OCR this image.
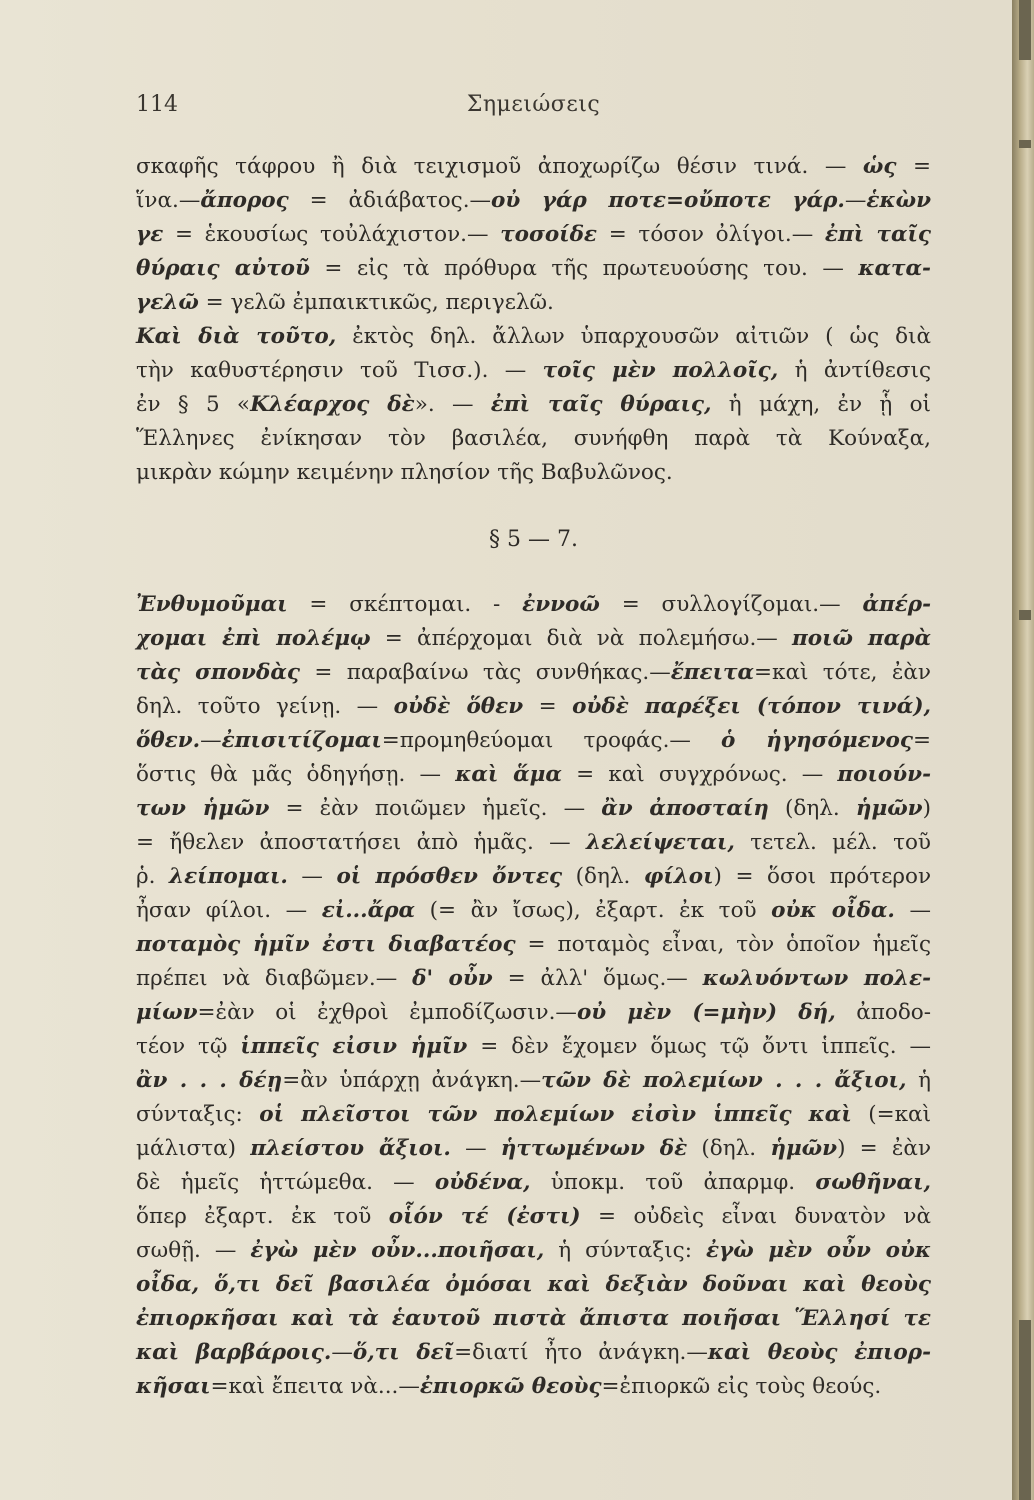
114	Σημειώσεις
σκαφῆς τάφρου ἢ διὰ τειχισμοῦ ἀποχωρίζω θέσιν τινά. — ὡς =
ἵνα.—ἄπορος = ἀδιάβατος.—οὐ γάρ ποτε=οὔποτε γάρ.—ἑκὼν
γε = ἑκουσίως τοὐλάχιστον.— τοσοίδε = τόσον ὀλίγοι.— ἐπὶ ταῖς
θύραις αὐτοῦ = εἰς τὰ πρόθυρα τῆς πρωτευούσης του. — κατα-
γελῶ = γελῶ ἐμπαικτικῶς, περιγελῶ.
Καὶ διὰ τοῦτο, ἐκτὸς δηλ. ἄλλων ὑπαρχουσῶν αἰτιῶν ( ὡς διὰ
τὴν καθυστέρησιν τοῦ Τισσ.). — τοῖς μὲν πολλοῖς, ἡ ἀντίθεσις
ἐν § 5 «Κλέαρχος δὲ». — ἐπὶ ταῖς θύραις, ἡ μάχη, ἐν ᾗ οἱ
Ἕλληνες ἐνίκησαν τὸν βασιλέα, συνήφθη παρὰ τὰ Κούναξα,
μικρὰν κώμην κειμένην πλησίον τῆς Βαβυλῶνος.
§ 5 — 7.
Ἐνθυμοῦμαι = σκέπτομαι. - ἐννοῶ = συλλογίζομαι.— ἀπέρ-
χομαι ἐπὶ πολέμῳ = ἀπέρχομαι διὰ νὰ πολεμήσω.— ποιῶ παρὰ
τὰς σπονδὰς = παραβαίνω τὰς συνθήκας.—ἔπειτα=καὶ τότε, ἐὰν
δηλ. τοῦτο γείνῃ. — οὐδὲ ὅθεν = οὐδὲ παρέξει (τόπον τινά),
ὅθεν.—ἐπισιτίζομαι=προμηθεύομαι τροφάς.— ὁ ἡγησόμενος=
ὅστις θὰ μᾶς ὁδηγήσῃ. — καὶ ἅμα = καὶ συγχρόνως. — ποιούν-
των ἡμῶν = ἐὰν ποιῶμεν ἡμεῖς. — ἂν ἀποσταίη (δηλ. ἡμῶν)
= ἤθελεν ἀποστατήσει ἀπὸ ἡμᾶς. — λελείψεται, τετελ. μέλ. τοῦ
ῥ. λείπομαι. — οἱ πρόσθεν ὄντες (δηλ. φίλοι) = ὅσοι πρότερον
ἦσαν φίλοι. — εἰ...ἄρα (= ἂν ἴσως), ἐξαρτ. ἐκ τοῦ οὐκ οἶδα. —
ποταμὸς ἡμῖν ἐστι διαβατέος = ποταμὸς εἶναι, τὸν ὁποῖον ἡμεῖς
πρέπει νὰ διαβῶμεν.— δ' οὖν = ἀλλ' ὅμως.— κωλυόντων πολε-
μίων=ἐὰν οἱ ἐχθροὶ ἐμποδίζωσιν.—οὐ μὲν (=μὴν) δή, ἀποδο-
τέον τῷ ἱππεῖς εἰσιν ἡμῖν = δὲν ἔχομεν ὅμως τῷ ὄντι ἱππεῖς. —
ἂν . . . δέῃ=ἂν ὑπάρχῃ ἀνάγκη.—τῶν δὲ πολεμίων . . . ἄξιοι, ἡ
σύνταξις: οἱ πλεῖστοι τῶν πολεμίων εἰσὶν ἱππεῖς καὶ (=καὶ
μάλιστα) πλείστου ἄξιοι. — ἡττωμένων δὲ (δηλ. ἡμῶν) = ἐὰν
δὲ ἡμεῖς ἡττώμεθα. — οὐδένα, ὑποκμ. τοῦ ἀπαρμφ. σωθῆναι,
ὅπερ ἐξαρτ. ἐκ τοῦ οἷόν τέ (ἐστι) = οὐδεὶς εἶναι δυνατὸν νὰ
σωθῇ. — ἐγὼ μὲν οὖν...ποιῆσαι, ἡ σύνταξις: ἐγὼ μὲν οὖν οὐκ
οἶδα, ὅ,τι δεῖ βασιλέα ὀμόσαι καὶ δεξιὰν δοῦναι καὶ θεοὺς
ἐπιορκῆσαι καὶ τὰ ἑαυτοῦ πιστὰ ἄπιστα ποιῆσαι Ἕλλησί τε
καὶ βαρβάροις.—ὅ,τι δεῖ=διατί ἦτο ἀνάγκη.—καὶ θεοὺς ἐπιορ-
κῆσαι=καὶ ἔπειτα νὰ...—ἐπιορκῶ θεοὺς=ἐπιορκῶ εἰς τοὺς θεούς.
